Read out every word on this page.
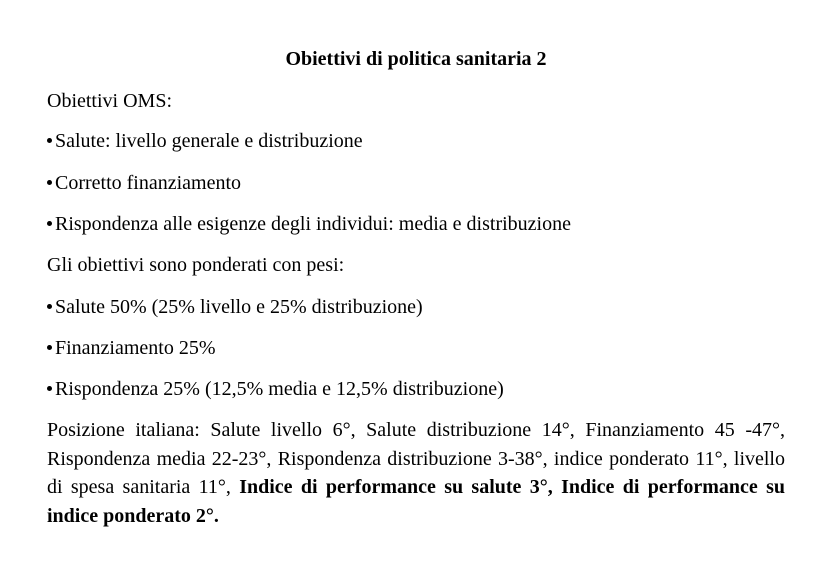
Obiettivi di politica sanitaria 2
Obiettivi OMS:
Salute: livello generale e distribuzione
Corretto finanziamento
Rispondenza alle esigenze degli individui: media e distribuzione
Gli obiettivi sono ponderati con pesi:
Salute 50% (25% livello e 25% distribuzione)
Finanziamento 25%
Rispondenza 25% (12,5% media e 12,5% distribuzione)
Posizione italiana: Salute livello 6°, Salute distribuzione 14°, Finanziamento 45 -47°, Rispondenza media 22-23°, Rispondenza distribuzione 3-38°, indice ponderato 11°, livello di spesa sanitaria 11°, Indice di performance su salute 3°, Indice di performance su indice ponderato 2°.
